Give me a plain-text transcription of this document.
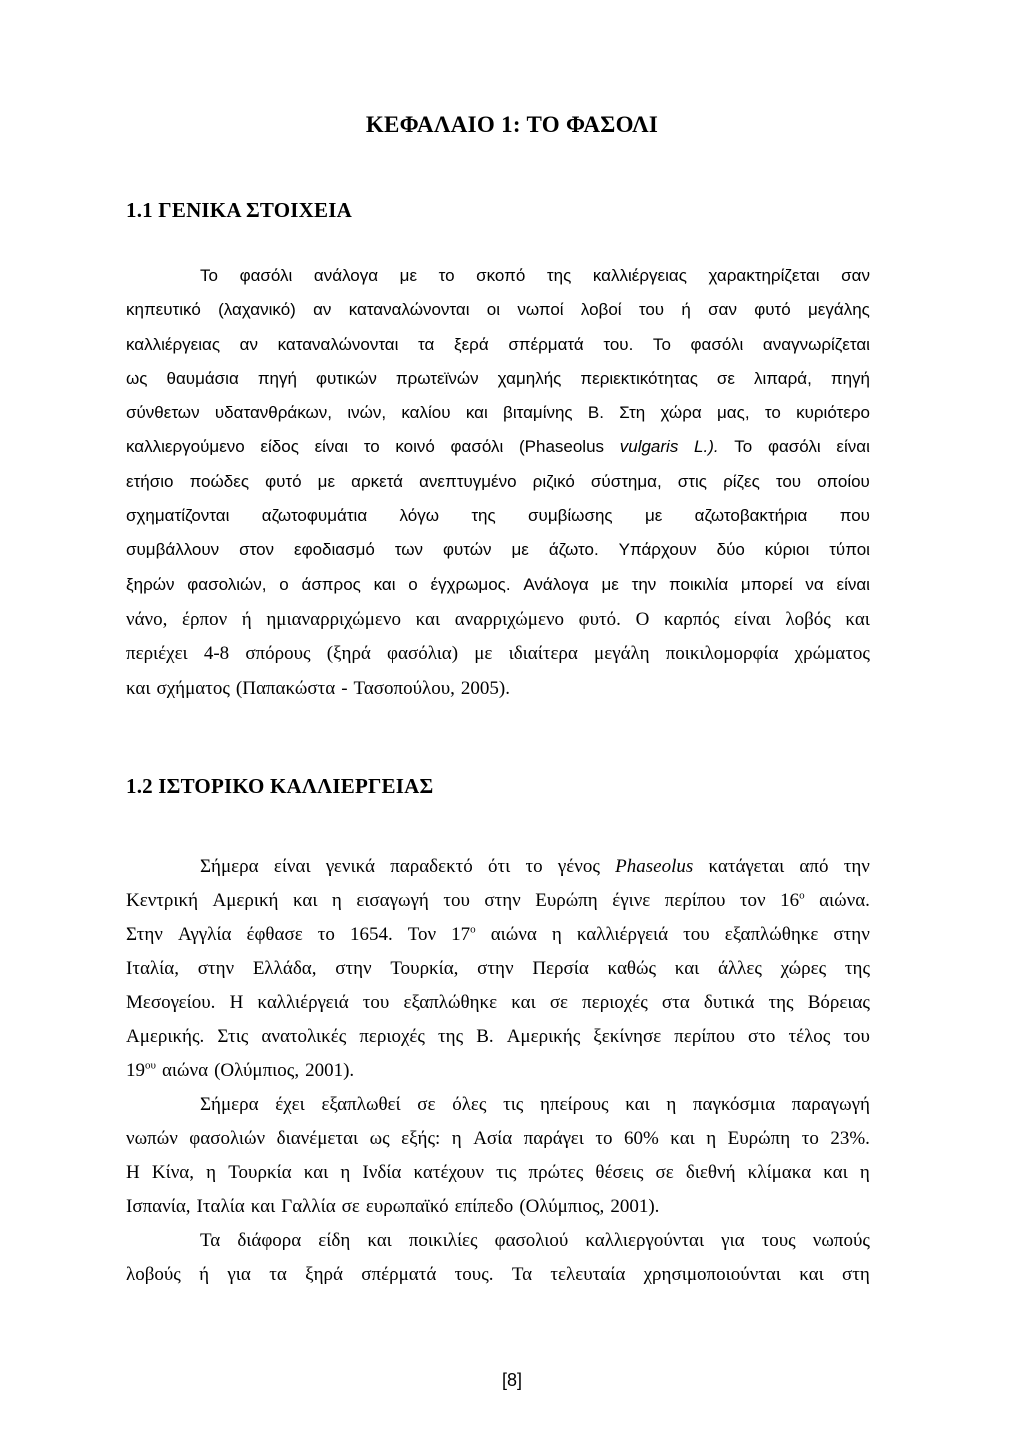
ΚΕΦΑΛΑΙΟ 1: ΤΟ ΦΑΣΟΛΙ
1.1 ΓΕΝΙΚΑ ΣΤΟΙΧΕΙΑ
Το φασόλι ανάλογα με το σκοπό της καλλιέργειας χαρακτηρίζεται σαν
κηπευτικό (λαχανικό) αν καταναλώνονται οι νωποί λοβοί του ή σαν φυτό μεγάλης
καλλιέργειας αν καταναλώνονται τα ξερά σπέρματά του. Το φασόλι αναγνωρίζεται
ως θαυμάσια πηγή φυτικών πρωτεϊνών χαμηλής περιεκτικότητας σε λιπαρά, πηγή
σύνθετων υδατανθράκων, ινών, καλίου και βιταμίνης Β. Στη χώρα μας, το κυριότερο
καλλιεργούμενο είδος είναι το κοινό φασόλι (Phaseolus vulgaris L.). Το φασόλι είναι
ετήσιο ποώδες φυτό με αρκετά ανεπτυγμένο ριζικό σύστημα, στις ρίζες του οποίου
σχηματίζονται αζωτοφυμάτια λόγω της συμβίωσης με αζωτοβακτήρια που
συμβάλλουν στον εφοδιασμό των φυτών με άζωτο. Υπάρχουν δύο κύριοι τύποι
ξηρών φασολιών, ο άσπρος και ο έγχρωμος. Ανάλογα με την ποικιλία μπορεί να είναι
νάνο, έρπον ή ημιαναρριχώμενο και αναρριχώμενο φυτό. Ο καρπός είναι λοβός και
περιέχει 4-8 σπόρους (ξηρά φασόλια) με ιδιαίτερα μεγάλη ποικιλομορφία χρώματος
και σχήματος (Παπακώστα - Τασοπούλου, 2005).
1.2 ΙΣΤΟΡΙΚΟ ΚΑΛΛΙΕΡΓΕΙΑΣ
Σήμερα είναι γενικά παραδεκτό ότι το γένος Phaseolus κατάγεται από την
Κεντρική Αμερική και η εισαγωγή του στην Ευρώπη έγινε περίπου τον $16^o$ αιώνα.
Στην Αγγλία έφθασε το 1654. Τον $17^o$ αιώνα η καλλιέργειά του εξαπλώθηκε στην
Ιταλία, στην Ελλάδα, στην Τουρκία, στην Περσία καθώς και άλλες χώρες της
Μεσογείου. Η καλλιέργειά του εξαπλώθηκε και σε περιοχές στα δυτικά της Βόρειας
Αμερικής. Στις ανατολικές περιοχές της Β. Αμερικής ξεκίνησε περίπου στο τέλος του
$19^{o\upsilon}$ αιώνα (Ολύμπιος, 2001).
Σήμερα έχει εξαπλωθεί σε όλες τις ηπείρους και η παγκόσμια παραγωγή
νωπών φασολιών διανέμεται ως εξής: η Ασία παράγει το 60% και η Ευρώπη το 23%.
Η Κίνα, η Τουρκία και η Ινδία κατέχουν τις πρώτες θέσεις σε διεθνή κλίμακα και η
Ισπανία, Ιταλία και Γαλλία σε ευρωπαϊκό επίπεδο (Ολύμπιος, 2001).
Τα διάφορα είδη και ποικιλίες φασολιού καλλιεργούνται για τους νωπούς
λοβούς ή για τα ξηρά σπέρματά τους. Τα τελευταία χρησιμοποιούνται και στη
[8]
